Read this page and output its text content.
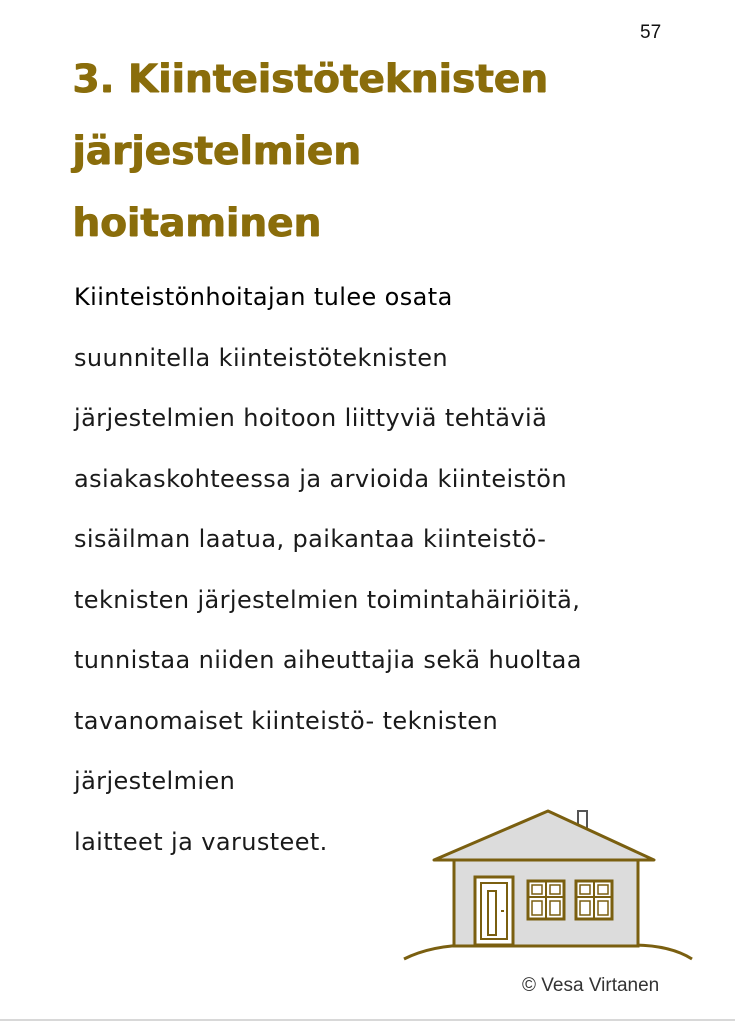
57
3. Kiinteistöteknisten
järjestelmien
hoitaminen
Kiinteistönhoitajan tulee osata
suunnitella kiinteistöteknisten
järjestelmien hoitoon liittyviä tehtäviä
asiakaskohteessa ja arvioida kiinteistön
sisäilman laatua, paikantaa kiinteistö-
teknisten järjestelmien toimintahäiriöitä,
tunnistaa niiden aiheuttajia sekä huoltaa
tavanomaiset kiinteistö- teknisten
järjestelmien
laitteet ja varusteet.
© Vesa Virtanen
